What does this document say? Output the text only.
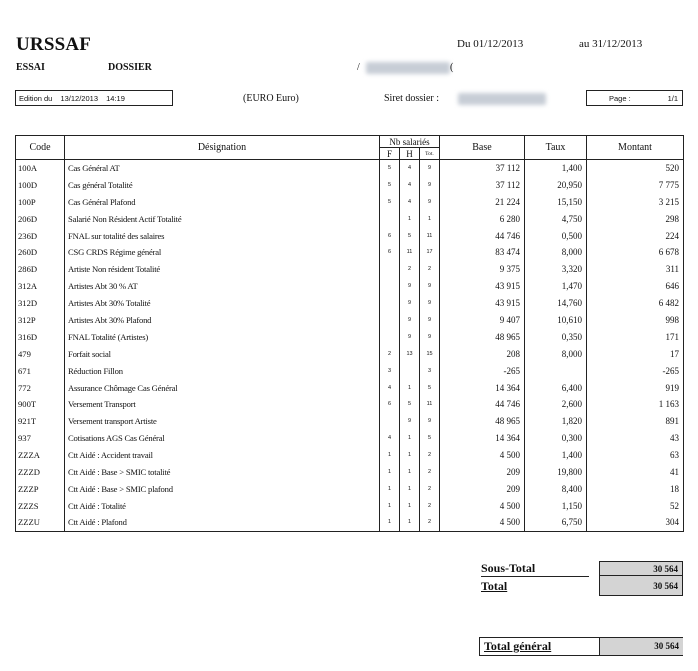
URSSAF
ESSAI	DOSSIER	/	(
Du 01/12/2013	au 31/12/2013
Edition du 13/12/2013 14:19	(EURO Euro)	Siret dossier :	Page :	1/1
Code	Désignation	Nb salariés			Base	Taux	Montant
		F	H	Tot.			
100A	Cas Général AT	5	4	9	37 112	1,400	520
100D	Cas général Totalité	5	4	9	37 112	20,950	7 775
100P	Cas Général Plafond	5	4	9	21 224	15,150	3 215
206D	Salarié Non Résident Actif Totalité		1	1	6 280	4,750	298
236D	FNAL sur totalité des salaires	6	5	11	44 746	0,500	224
260D	CSG CRDS Régime général	6	11	17	83 474	8,000	6 678
286D	Artiste Non résident Totalité		2	2	9 375	3,320	311
312A	Artistes Abt 30 % AT		9	9	43 915	1,470	646
312D	Artistes Abt 30% Totalité		9	9	43 915	14,760	6 482
312P	Artistes Abt 30% Plafond		9	9	9 407	10,610	998
316D	FNAL Totalité (Artistes)		9	9	48 965	0,350	171
479	Forfait social	2	13	15	208	8,000	17
671	Réduction Fillon	3		3	-265		-265
772	Assurance Chômage Cas Général	4	1	5	14 364	6,400	919
900T	Versement Transport	6	5	11	44 746	2,600	1 163
921T	Versement transport Artiste		9	9	48 965	1,820	891
937	Cotisations AGS Cas Général	4	1	5	14 364	0,300	43
ZZZA	Ctt Aidé : Accident travail	1	1	2	4 500	1,400	63
ZZZD	Ctt Aidé : Base > SMIC totalité	1	1	2	209	19,800	41
ZZZP	Ctt Aidé : Base > SMIC plafond	1	1	2	209	8,400	18
ZZZS	Ctt Aidé : Totalité	1	1	2	4 500	1,150	52
ZZZU	Ctt Aidé : Plafond	1	1	2	4 500	6,750	304
Sous-Total	30 564
Total	30 564
Total général	30 564
